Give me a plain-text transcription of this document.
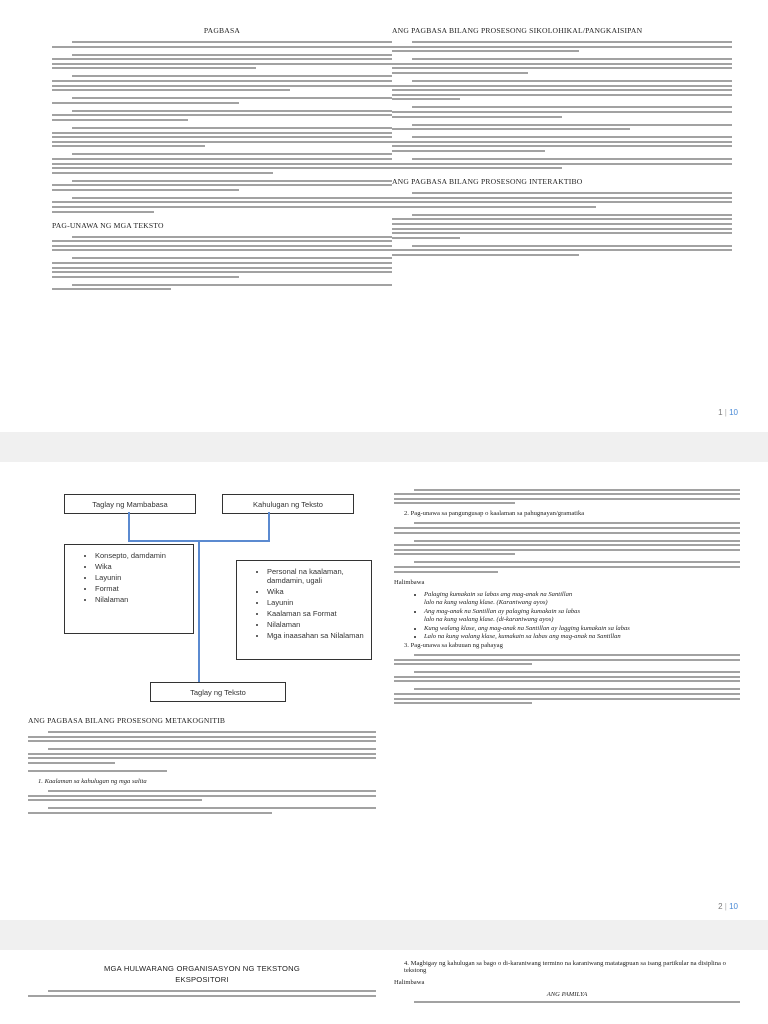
PAGBASA
PAG-UNAWA NG MGA TEKSTO
ANG PAGBASA BILANG PROSESONG SIKOLOHIKAL/PANGKAISIPAN
ANG PAGBASA BILANG PROSESONG INTERAKTIBO
1 | 10
Taglay ng Mambabasa	Kahulugan ng Teksto
• Konsepto, damdamin
• Wika
• Layunin
• Format
• Nilalaman
• Personal na kaalaman, damdamin, ugali
• Wika
• Layunin
• Kaalaman sa Format
• Nilalaman
• Mga inaasahan sa Nilalaman
Taglay ng Teksto
ANG PAGBASA BILANG PROSESONG METAKOGNITIB
1. Kaalaman sa kahulugan ng mga salita
2. Pag-unawa sa pangungusap o kaalaman sa pahugnayan/gramatika
Halimbawa
• Palaging kumakain sa labas ang mag-anak na Santillan
lalo na kung walang klase. (Karaniwang ayos)
• Ang mag-anak na Santillan ay palaging kumakain sa labas
lalo na kung walang klase. (di-karaniwang ayos)
• Kung walang klase, ang mag-anak na Santillan ay lagging kumakain sa labas
• Lalo na kung walang klase, kumakain sa labas ang mag-anak na Santillan
3. Pag-unawa sa kabuuan ng pahayag
2 | 10
MGA HULWARANG ORGANISASYON NG TEKSTONG
EKSPOSITORI
4. Magbigay ng kahulugan sa bago o di-karaniwang termino na karaniwang matatagpuan sa isang partikular na disiplina o tekstong
Halimbawa
ANG PAMILYA
